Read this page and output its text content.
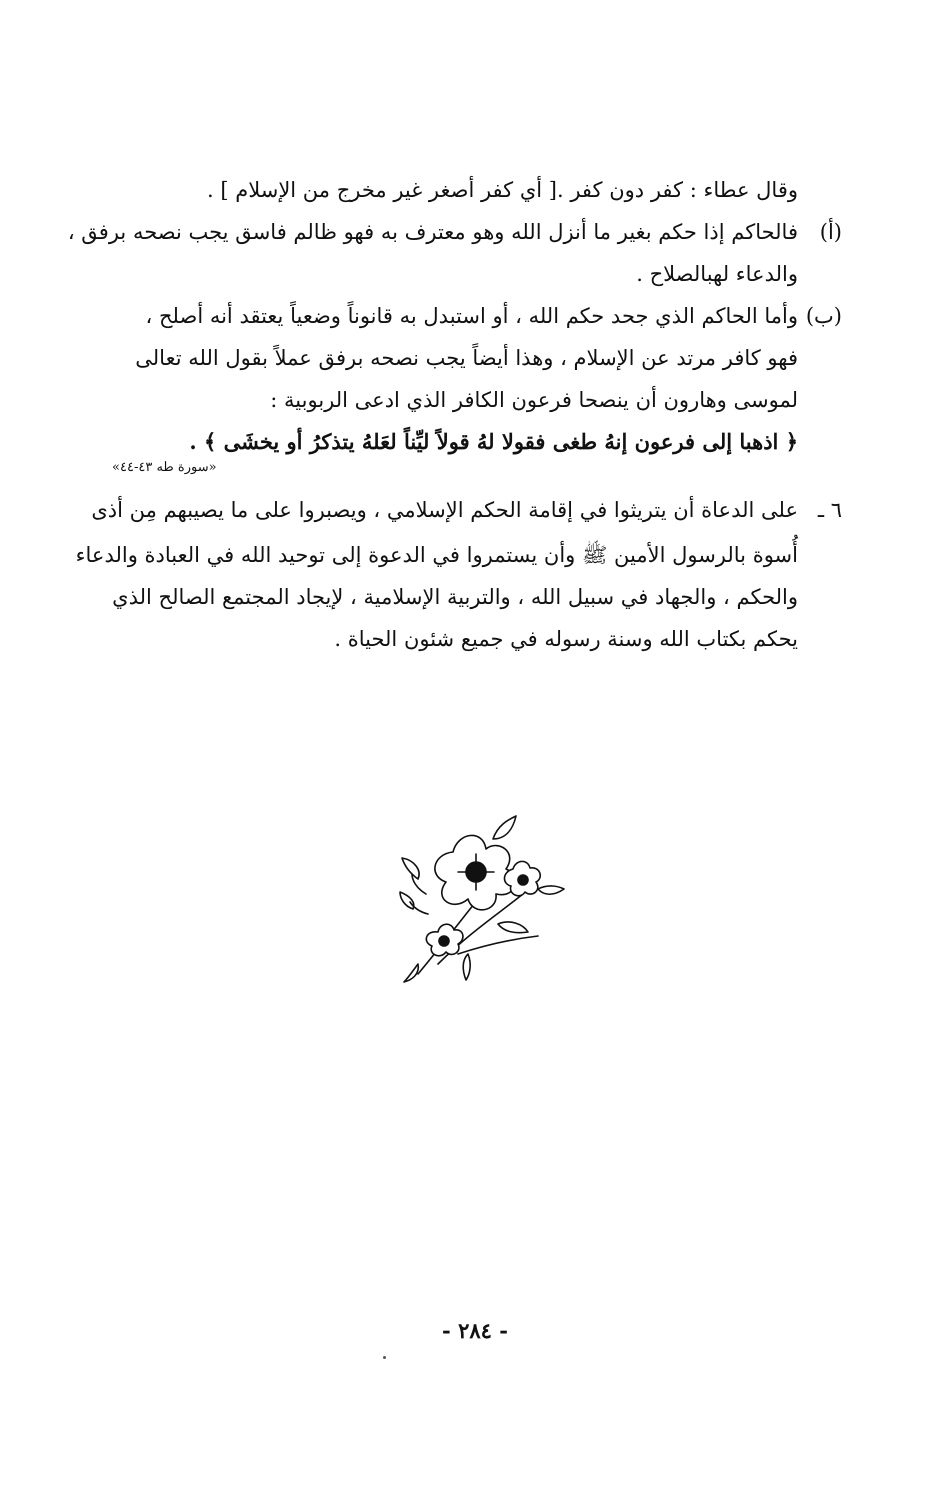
وقال عطاء : كفر دون كفر .[ أي كفر أصغر غير مخرج من الإسلام ] .
(أ)
فالحاكم إذا حكم بغير ما أنزل الله وهو معترف به فهو ظالم فاسق يجب نصحه برفق ،
والدعاء لهبالصلاح .
(ب)
وأما الحاكم الذي جحد حكم الله ، أو استبدل به قانوناً وضعياً يعتقد أنه أصلح ،
فهو كافر مرتد عن الإسلام ، وهذا أيضاً يجب نصحه برفق عملاً بقول الله تعالى
لموسى وهارون أن ينصحا فرعون الكافر الذي ادعى الربوبية :
﴿ اذهبا إلى فرعون إنهُ طغى فقولا لهُ قولاً ليِّناً لعَلهُ يتذكرُ أو يخشَى ﴾ .
«سورة طه ٤٣-٤٤»
٦ ـ
على الدعاة أن يتريثوا في إقامة الحكم الإسلامي ، ويصبروا على ما يصيبهم مِن أذى
أُسوة بالرسول الأمين ﷺ وأن يستمروا في الدعوة إلى توحيد الله في العبادة والدعاء
والحكم ، والجهاد في سبيل الله ، والتربية الإسلامية ، لإيجاد المجتمع الصالح الذي
يحكم بكتاب الله وسنة رسوله في جميع شئون الحياة .
- ٢٨٤ -
